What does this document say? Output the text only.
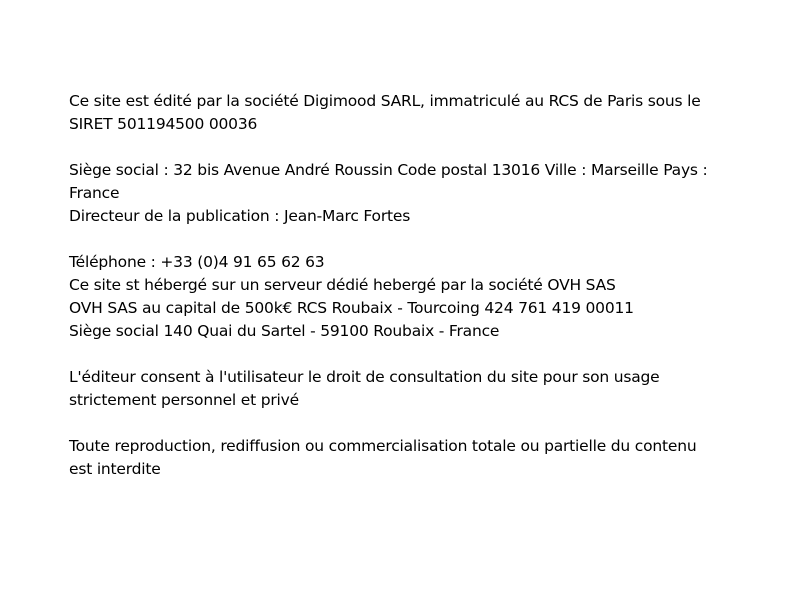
Ce site est édité par la société Digimood SARL, immatriculé au RCS de Paris sous le
SIRET 501194500 00036

Siège social : 32 bis Avenue André Roussin Code postal 13016 Ville : Marseille Pays :
France
Directeur de la publication : Jean-Marc Fortes

Téléphone : +33 (0)4 91 65 62 63
Ce site st hébergé sur un serveur dédié hebergé par la société OVH SAS
OVH SAS au capital de 500k€ RCS Roubaix - Tourcoing 424 761 419 00011
Siège social 140 Quai du Sartel - 59100 Roubaix - France

L'éditeur consent à l'utilisateur le droit de consultation du site pour son usage
strictement personnel et privé

Toute reproduction, rediffusion ou commercialisation totale ou partielle du contenu
est interdite
